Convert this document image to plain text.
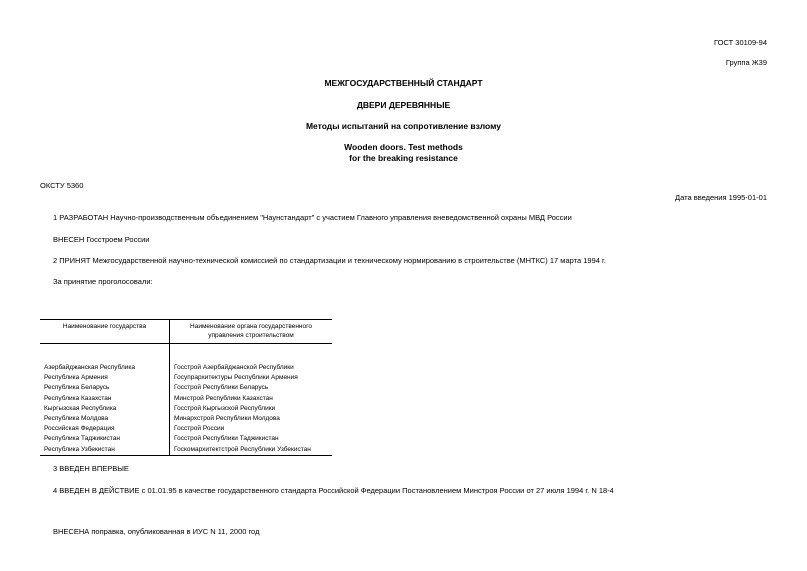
ГОСТ 30109-94
Группа Ж39
МЕЖГОСУДАРСТВЕННЫЙ СТАНДАРТ
ДВЕРИ ДЕРЕВЯННЫЕ
Методы испытаний на сопротивление взлому
Wooden doors. Test methods
for the breaking resistance
ОКСТУ 5360
Дата введения 1995-01-01
1 РАЗРАБОТАН Научно-производственным объединением "Наунстандарт" с участием Главного управления вневедомственной охраны МВД России
ВНЕСЕН Госстроем России
2 ПРИНЯТ Межгосударственной научно-технической комиссией по стандартизации и техническому нормированию в строительстве (МНТКС) 17 марта 1994 г.
За принятие проголосовали:
Наименование государства	Наименование органа государственного управления строительством

Азербайджанская Республика	Госстрой Азербайджанской Республики
Республика Армения	Госупрархитектуры Республики Армения
Республика Беларусь	Госстрой Республики Беларусь
Республика Казахстан	Минстрой Республики Казахстан
Кыргызская Республика	Госстрой Кыргызской Республики
Республика Молдова	Минархстрой Республики Молдова
Российская Федерация	Госстрой России
Республика Таджикистан	Госстрой Республики Таджикистан
Республика Узбекистан	Госкомархитектстрой Республики Узбекистан
3 ВВЕДЕН ВПЕРВЫЕ
4 ВВЕДЕН В ДЕЙСТВИЕ с 01.01.95 в качестве государственного стандарта Российской Федерации Постановлением Минстроя России от 27 июля 1994 г. N 18-4
ВНЕСЕНА поправка, опубликованная в ИУС N 11, 2000 год
